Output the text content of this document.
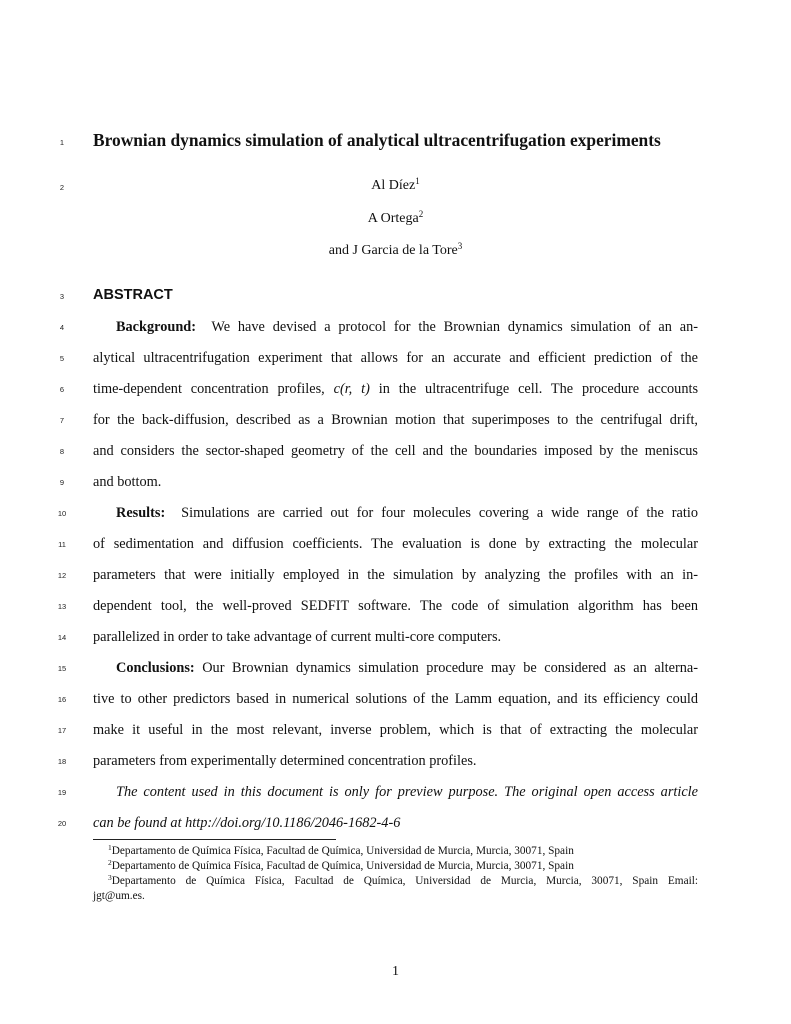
1
2
3
4
5
6
7
8
9
10
11
12
13
14
15
16
17
18
19
20
Brownian dynamics simulation of analytical ultracentrifugation experiments
Al Díez$^1$
A Ortega$^2$
and J Garcia de la Tore$^3$
ABSTRACT
Background: We have devised a protocol for the Brownian dynamics simulation of an an-
alytical ultracentrifugation experiment that allows for an accurate and efficient prediction of the
time-dependent concentration profiles, c(r, t) in the ultracentrifuge cell. The procedure accounts
for the back-diffusion, described as a Brownian motion that superimposes to the centrifugal drift,
and considers the sector-shaped geometry of the cell and the boundaries imposed by the meniscus
and bottom.
Results: Simulations are carried out for four molecules covering a wide range of the ratio
of sedimentation and diffusion coefficients. The evaluation is done by extracting the molecular
parameters that were initially employed in the simulation by analyzing the profiles with an in-
dependent tool, the well-proved SEDFIT software. The code of simulation algorithm has been
parallelized in order to take advantage of current multi-core computers.
Conclusions: Our Brownian dynamics simulation procedure may be considered as an alterna-
tive to other predictors based in numerical solutions of the Lamm equation, and its efficiency could
make it useful in the most relevant, inverse problem, which is that of extracting the molecular
parameters from experimentally determined concentration profiles.
The content used in this document is only for preview purpose. The original open access article
can be found at http://doi.org/10.1186/2046-1682-4-6
$^1$Departamento de Química Física, Facultad de Química, Universidad de Murcia, Murcia, 30071, Spain
$^2$Departamento de Química Física, Facultad de Química, Universidad de Murcia, Murcia, 30071, Spain
$^3$Departamento de Química Física, Facultad de Química, Universidad de Murcia, Murcia, 30071, Spain Email:
jgt@um.es.
1
